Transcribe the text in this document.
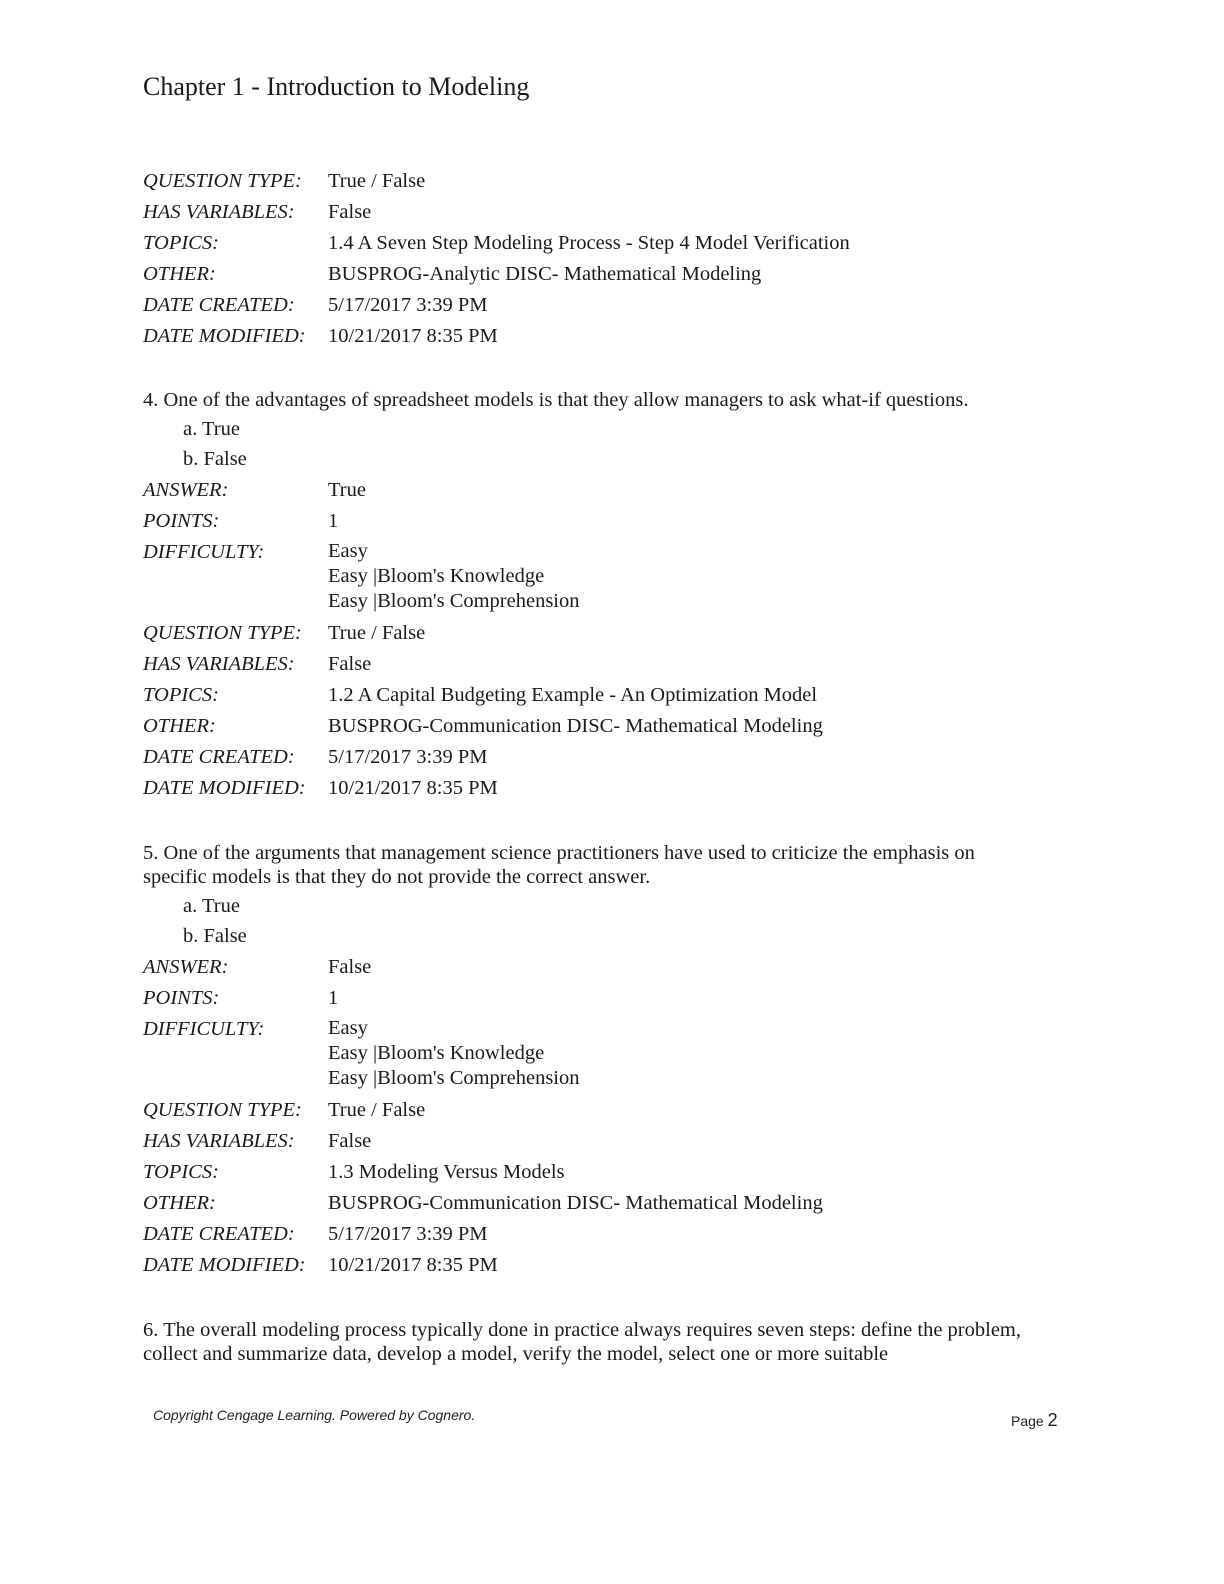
Chapter 1 - Introduction to Modeling
QUESTION TYPE:	True / False
HAS VARIABLES:	False
TOPICS:	1.4 A Seven Step Modeling Process - Step 4 Model Verification
OTHER:	BUSPROG-Analytic DISC- Mathematical Modeling
DATE CREATED:	5/17/2017 3:39 PM
DATE MODIFIED:	10/21/2017 8:35 PM

4. One of the advantages of spreadsheet models is that they allow managers to ask what-if questions.

a. True
b. False
ANSWER:	True
POINTS:	1
DIFFICULTY:	Easy
Easy |Bloom's Knowledge
Easy |Bloom's Comprehension
QUESTION TYPE:	True / False
HAS VARIABLES:	False
TOPICS:	1.2 A Capital Budgeting Example - An Optimization Model
OTHER:	BUSPROG-Communication DISC- Mathematical Modeling
DATE CREATED:	5/17/2017 3:39 PM
DATE MODIFIED:	10/21/2017 8:35 PM

5. One of the arguments that management science practitioners have used to criticize the emphasis on specific models is that they do not provide the correct answer.

a. True
b. False
ANSWER:	False
POINTS:	1
DIFFICULTY:	Easy
Easy |Bloom's Knowledge
Easy |Bloom's Comprehension
QUESTION TYPE:	True / False
HAS VARIABLES:	False
TOPICS:	1.3 Modeling Versus Models
OTHER:	BUSPROG-Communication DISC- Mathematical Modeling
DATE CREATED:	5/17/2017 3:39 PM
DATE MODIFIED:	10/21/2017 8:35 PM

6. The overall modeling process typically done in practice always requires seven steps: define the problem, collect and summarize data, develop a model, verify the model, select one or more suitable

Copyright Cengage Learning. Powered by Cognero.	Page 2
